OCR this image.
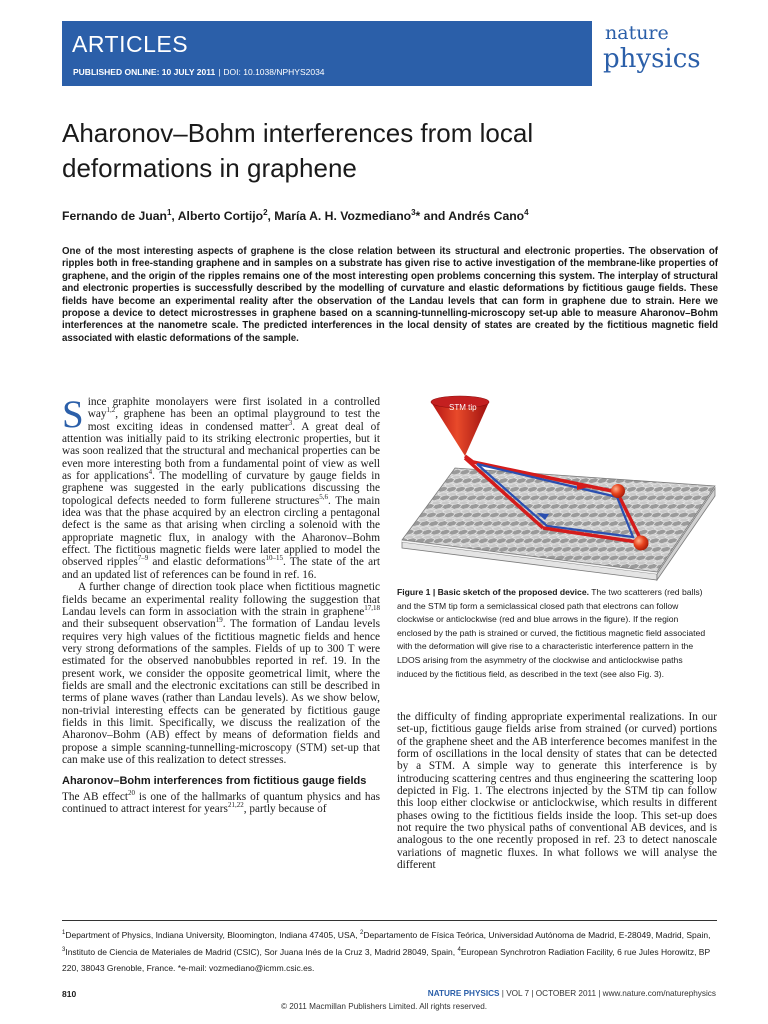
ARTICLES
PUBLISHED ONLINE: 10 JULY 2011 | DOI: 10.1038/NPHYS2034
nature
physics
Aharonov–Bohm interferences from local deformations in graphene
Fernando de Juan$^1$, Alberto Cortijo$^2$, María A. H. Vozmediano$^3$* and Andrés Cano$^4$
One of the most interesting aspects of graphene is the close relation between its structural and electronic properties. The observation of ripples both in free-standing graphene and in samples on a substrate has given rise to active investigation of the membrane-like properties of graphene, and the origin of the ripples remains one of the most interesting open problems concerning this system. The interplay of structural and electronic properties is successfully described by the modelling of curvature and elastic deformations by fictitious gauge fields. These fields have become an experimental reality after the observation of the Landau levels that can form in graphene due to strain. Here we propose a device to detect microstresses in graphene based on a scanning-tunnelling-microscopy set-up able to measure Aharonov–Bohm interferences at the nanometre scale. The predicted interferences in the local density of states are created by the fictitious magnetic field associated with elastic deformations of the sample.

Since graphite monolayers were first isolated in a controlled way$^{1,2}$, graphene has been an optimal playground to test the most exciting ideas in condensed matter$^3$. A great deal of attention was initially paid to its striking electronic properties, but it was soon realized that the structural and mechanical properties can be even more interesting both from a fundamental point of view as well as for applications$^4$. The modelling of curvature by gauge fields in graphene was suggested in the early publications discussing the topological defects needed to form fullerene structures$^{5,6}$. The main idea was that the phase acquired by an electron circling a pentagonal defect is the same as that arising when circling a solenoid with the appropriate magnetic flux, in analogy with the Aharonov–Bohm effect. The fictitious magnetic fields were later applied to model the observed ripples$^{7-9}$ and elastic deformations$^{10-15}$. The state of the art and an updated list of references can be found in ref. 16.

A further change of direction took place when fictitious magnetic fields became an experimental reality following the suggestion that Landau levels can form in association with the strain in graphene$^{17,18}$ and their subsequent observation$^{19}$. The formation of Landau levels requires very high values of the fictitious magnetic fields and hence very strong deformations of the samples. Fields of up to 300 T were estimated for the observed nanobubbles reported in ref. 19. In the present work, we consider the opposite geometrical limit, where the fields are small and the electronic excitations can still be described in terms of plane waves (rather than Landau levels). As we show below, non-trivial interesting effects can be generated by fictitious gauge fields in this limit. Specifically, we discuss the realization of the Aharonov–Bohm (AB) effect by means of deformation fields and propose a simple scanning-tunnelling-microscopy (STM) set-up that can make use of this realization to detect stresses.

Aharonov–Bohm interferences from fictitious gauge fields

The AB effect$^{20}$ is one of the hallmarks of quantum physics and has continued to attract interest for years$^{21,22}$, partly because of

STM tip
Figure 1 | Basic sketch of the proposed device. The two scatterers (red balls) and the STM tip form a semiclassical closed path that electrons can follow clockwise or anticlockwise (red and blue arrows in the figure). If the region enclosed by the path is strained or curved, the fictitious magnetic field associated with the deformation will give rise to a characteristic interference pattern in the LDOS arising from the asymmetry of the clockwise and anticlockwise paths induced by the fictitious field, as described in the text (see also Fig. 3).

the difficulty of finding appropriate experimental realizations. In our set-up, fictitious gauge fields arise from strained (or curved) portions of the graphene sheet and the AB interference becomes manifest in the form of oscillations in the local density of states that can be detected by a STM. A simple way to generate this interference is by introducing scattering centres and thus engineering the scattering loop depicted in Fig. 1. The electrons injected by the STM tip can follow this loop either clockwise or anticlockwise, which results in different phases owing to the fictitious fields inside the loop. This set-up does not require the two physical paths of conventional AB devices, and is analogous to the one recently proposed in ref. 23 to detect nanoscale variations of magnetic fluxes. In what follows we will analyse the different

$^1$Department of Physics, Indiana University, Bloomington, Indiana 47405, USA, $^2$Departamento de Física Teórica, Universidad Autónoma de Madrid, E-28049, Madrid, Spain, $^3$Instituto de Ciencia de Materiales de Madrid (CSIC), Sor Juana Inés de la Cruz 3, Madrid 28049, Spain, $^4$European Synchrotron Radiation Facility, 6 rue Jules Horowitz, BP 220, 38043 Grenoble, France. *e-mail: vozmediano@icmm.csic.es.
810	NATURE PHYSICS | VOL 7 | OCTOBER 2011 | www.nature.com/naturephysics
© 2011 Macmillan Publishers Limited. All rights reserved.
